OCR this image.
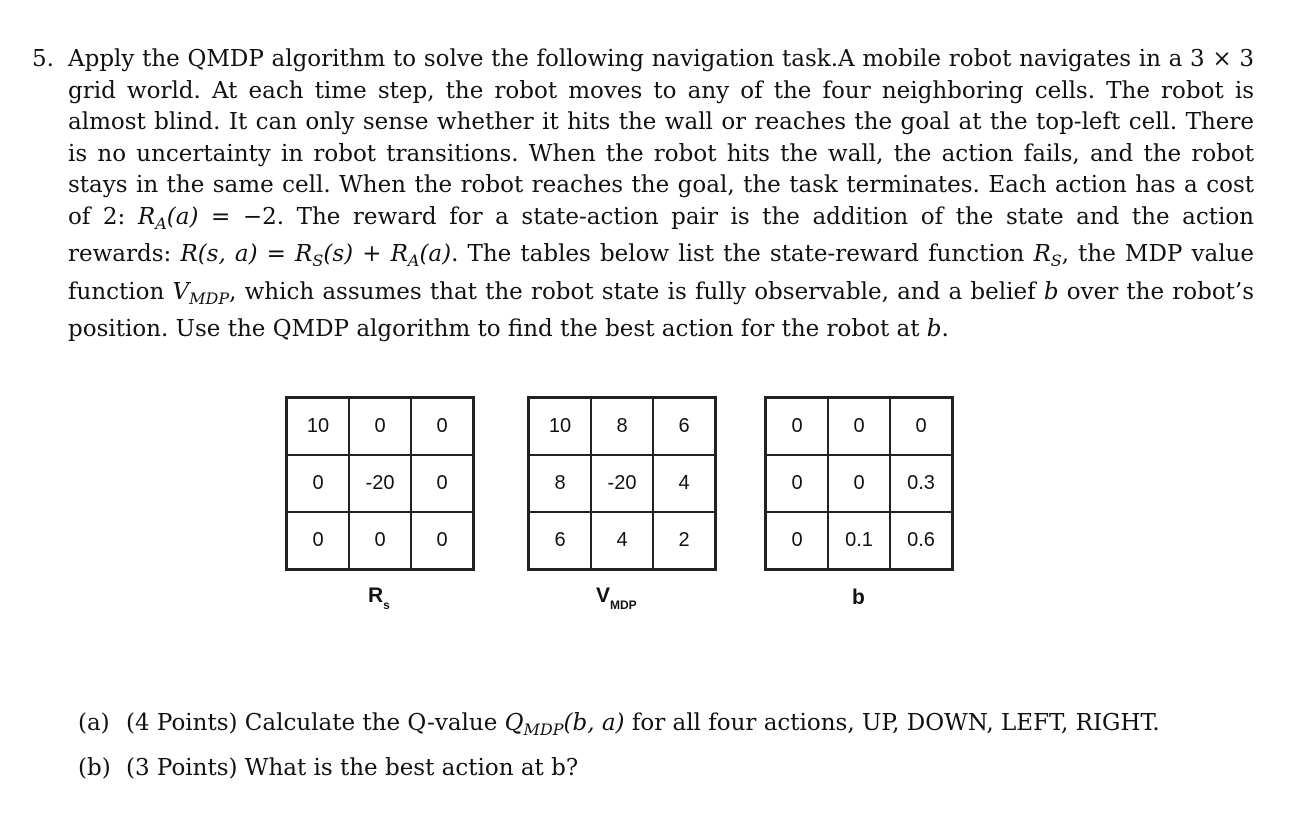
5. Apply the QMDP algorithm to solve the following navigation task.A mobile robot navigates in a 3 × 3 grid world. At each time step, the robot moves to any of the four neighboring cells. The robot is almost blind. It can only sense whether it hits the wall or reaches the goal at the top-left cell. There is no uncertainty in robot transitions. When the robot hits the wall, the action fails, and the robot stays in the same cell. When the robot reaches the goal, the task terminates. Each action has a cost of 2: $R_A(a) = -2$. The reward for a state-action pair is the addition of the state and the action rewards: R(s, $a) = R_S(s) + R_A(a)$. The tables below list the state-reward function $R_S$, the MDP value function $V_{MDP}$, which assumes that the robot state is fully observable, and a belief b over the robot’s position. Use the QMDP algorithm to find the best action for the robot at b.
10	0	0
0	-20	0
0	0	0
$R_s$
10	8	6
8	-20	4
6	4	2
$V_{MDP}$
0	0	0
0	0	0.3
0	0.1	0.6
b
(a) (4 Points) Calculate the Q-value
$Q_{MDP}(b$, a)
for all four actions, UP, DOWN, LEFT, RIGHT.
(b) (3 Points) What is the best action at b?
